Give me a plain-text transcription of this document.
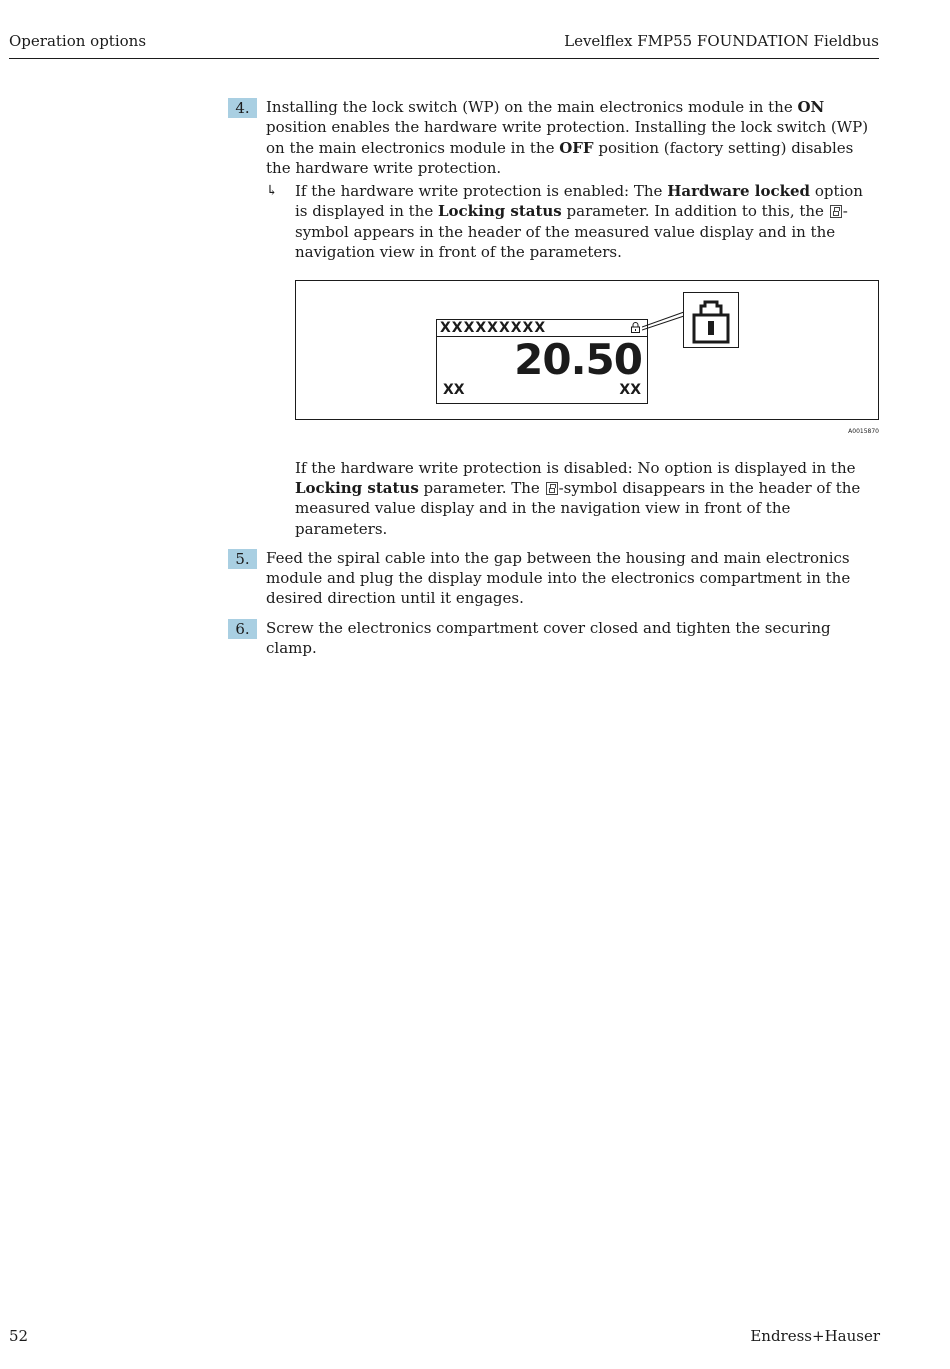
Operation options	Levelflex FMP55 FOUNDATION Fieldbus
4.	Installing the lock switch (WP) on the main electronics module in the ON position enables the hardware write protection. Installing the lock switch (WP) on the main electronics module in the OFF position (factory setting) disables the hardware write protection.
↳ If the hardware write protection is enabled: The Hardware locked option is displayed in the Locking status parameter. In addition to this, the -symbol appears in the header of the measured value display and in the navigation view in front of the parameters.
XXXXXXXXX
20.50
XX	XX
A0015870
If the hardware write protection is disabled: No option is displayed in the Locking status parameter. The -symbol disappears in the header of the measured value display and in the navigation view in front of the parameters.
5.	Feed the spiral cable into the gap between the housing and main electronics module and plug the display module into the electronics compartment in the desired direction until it engages.
6.	Screw the electronics compartment cover closed and tighten the securing clamp.
52	Endress+Hauser
